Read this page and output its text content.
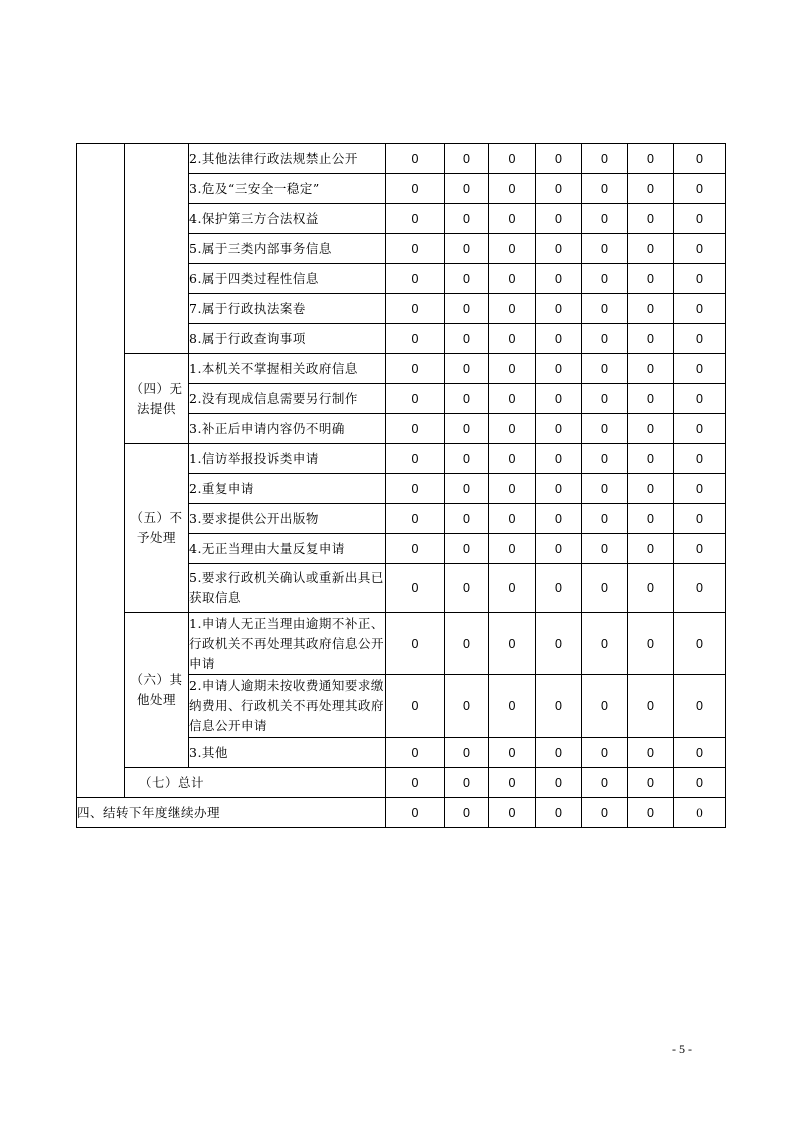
		2.其他法律行政法规禁止公开	0	0	0	0	0	0	0
		3.危及“三安全一稳定”	0	0	0	0	0	0	0
		4.保护第三方合法权益	0	0	0	0	0	0	0
		5.属于三类内部事务信息	0	0	0	0	0	0	0
		6.属于四类过程性信息	0	0	0	0	0	0	0
		7.属于行政执法案卷	0	0	0	0	0	0	0
		8.属于行政查询事项	0	0	0	0	0	0	0
	（四）无法提供	1.本机关不掌握相关政府信息	0	0	0	0	0	0	0
		2.没有现成信息需要另行制作	0	0	0	0	0	0	0
		3.补正后申请内容仍不明确	0	0	0	0	0	0	0
	（五）不予处理	1.信访举报投诉类申请	0	0	0	0	0	0	0
		2.重复申请	0	0	0	0	0	0	0
		3.要求提供公开出版物	0	0	0	0	0	0	0
		4.无正当理由大量反复申请	0	0	0	0	0	0	0
		5.要求行政机关确认或重新出具已获取信息	0	0	0	0	0	0	0
	（六）其他处理	1.申请人无正当理由逾期不补正、行政机关不再处理其政府信息公开申请	0	0	0	0	0	0	0
		2.申请人逾期未按收费通知要求缴纳费用、行政机关不再处理其政府信息公开申请	0	0	0	0	0	0	0
		3.其他	0	0	0	0	0	0	0
	（七）总计		0	0	0	0	0	0	0
四、结转下年度继续办理			0	0	0	0	0	0	0
- 5 -
